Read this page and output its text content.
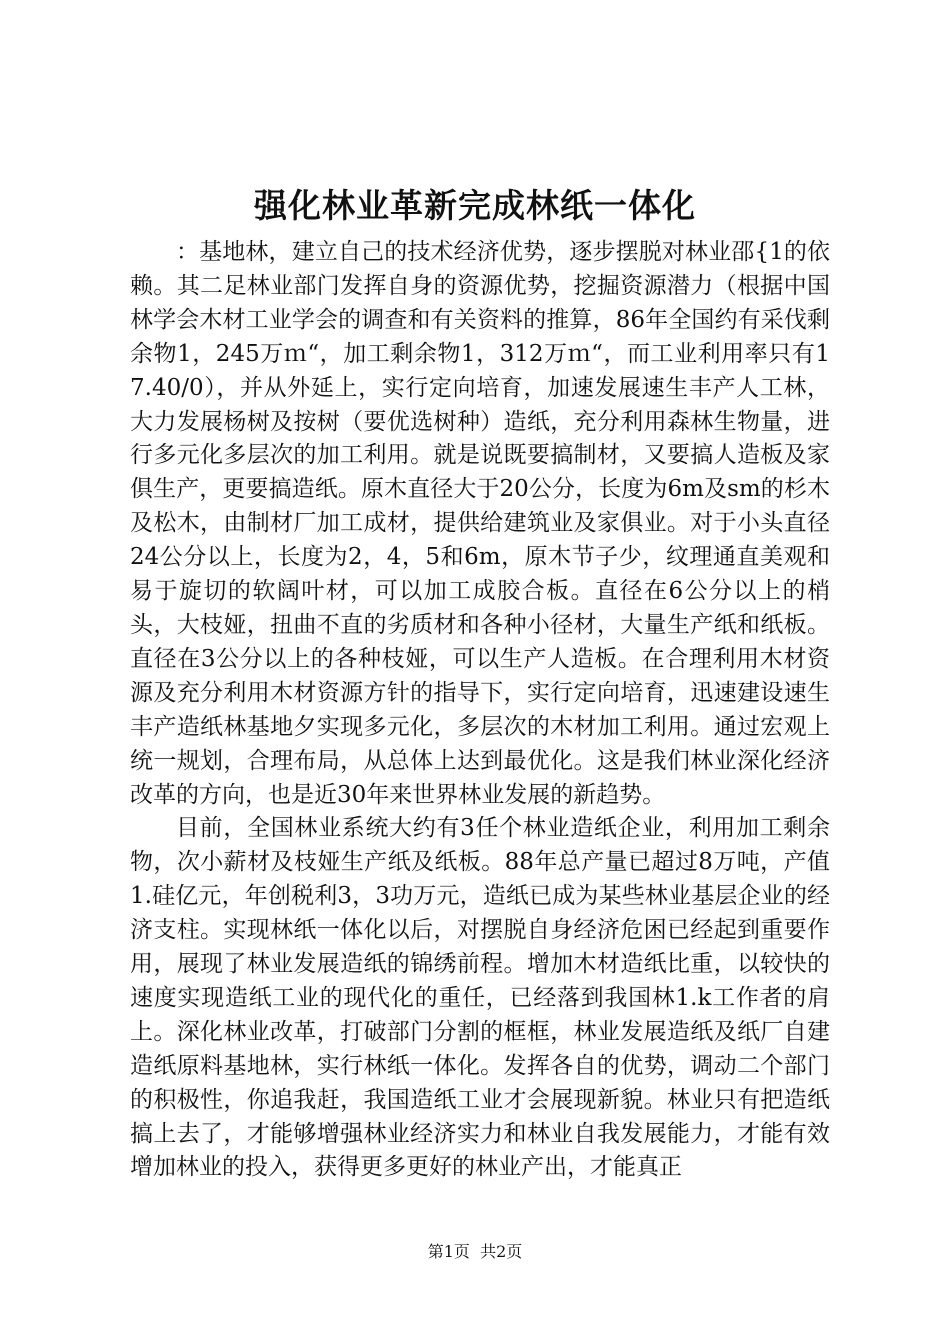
强化林业革新完成林纸一体化

：基地林，建立自己的技术经济优势，逐步摆脱对林业邵{1的依赖。其二足林业部门发挥自身的资源优势，挖掘资源潜力（根据中国林学会木材工业学会的调查和有关资料的推算，86年全国约有采伐剩余物1，245万ｍ“，加工剩余物1，312万ｍ“，而工业利用率只有17.40/0），并从外延上，实行定向培育，加速发展速生丰产人工林，大力发展杨树及按树（要优选树种）造纸，充分利用森林生物量，进行多元化多层次的加工利用。就是说既要搞制材，又要搞人造板及家俱生产，更要搞造纸。原木直径大于20公分，长度为6m及sm的杉木及松木，由制材厂加工成材，提供给建筑业及家俱业。对于小头直径24公分以上，长度为2，4，5和6m，原木节子少，纹理通直美观和易于旋切的软阔叶材，可以加工成胶合板。直径在6公分以上的梢头，大枝娅，扭曲不直的劣质材和各种小径材，大量生产纸和纸板。直径在3公分以上的各种枝娅，可以生产人造板。在合理利用木材资源及充分利用木材资源方针的指导下，实行定向培育，迅速建设速生丰产造纸林基地夕实现多元化，多层次的木材加工利用。通过宏观上统一规划，合理布局，从总体上达到最优化。这是我们林业深化经济改革的方向，也是近30年来世界林业发展的新趋势。

目前，全国林业系统大约有3任个林业造纸企业，利用加工剩余物，次小薪材及枝娅生产纸及纸板。88年总产量已超过8万吨，产值1.硅亿元，年创税利3，3功万元，造纸已成为某些林业基层企业的经济支柱。实现林纸一体化以后，对摆脱自身经济危困已经起到重要作用，展现了林业发展造纸的锦绣前程。增加木材造纸比重，以较快的速度实现造纸工业的现代化的重任，已经落到我国林1.k工作者的肩上。深化林业改革，打破部门分割的框框，林业发展造纸及纸厂自建造纸原料基地林，实行林纸一体化。发挥各自的优势，调动二个部门的积极性，你追我赶，我国造纸工业才会展现新貌。林业只有把造纸搞上去了，才能够增强林业经济实力和林业自我发展能力，才能有效增加林业的投入，获得更多更好的林业产出，才能真正

第1页 共2页
